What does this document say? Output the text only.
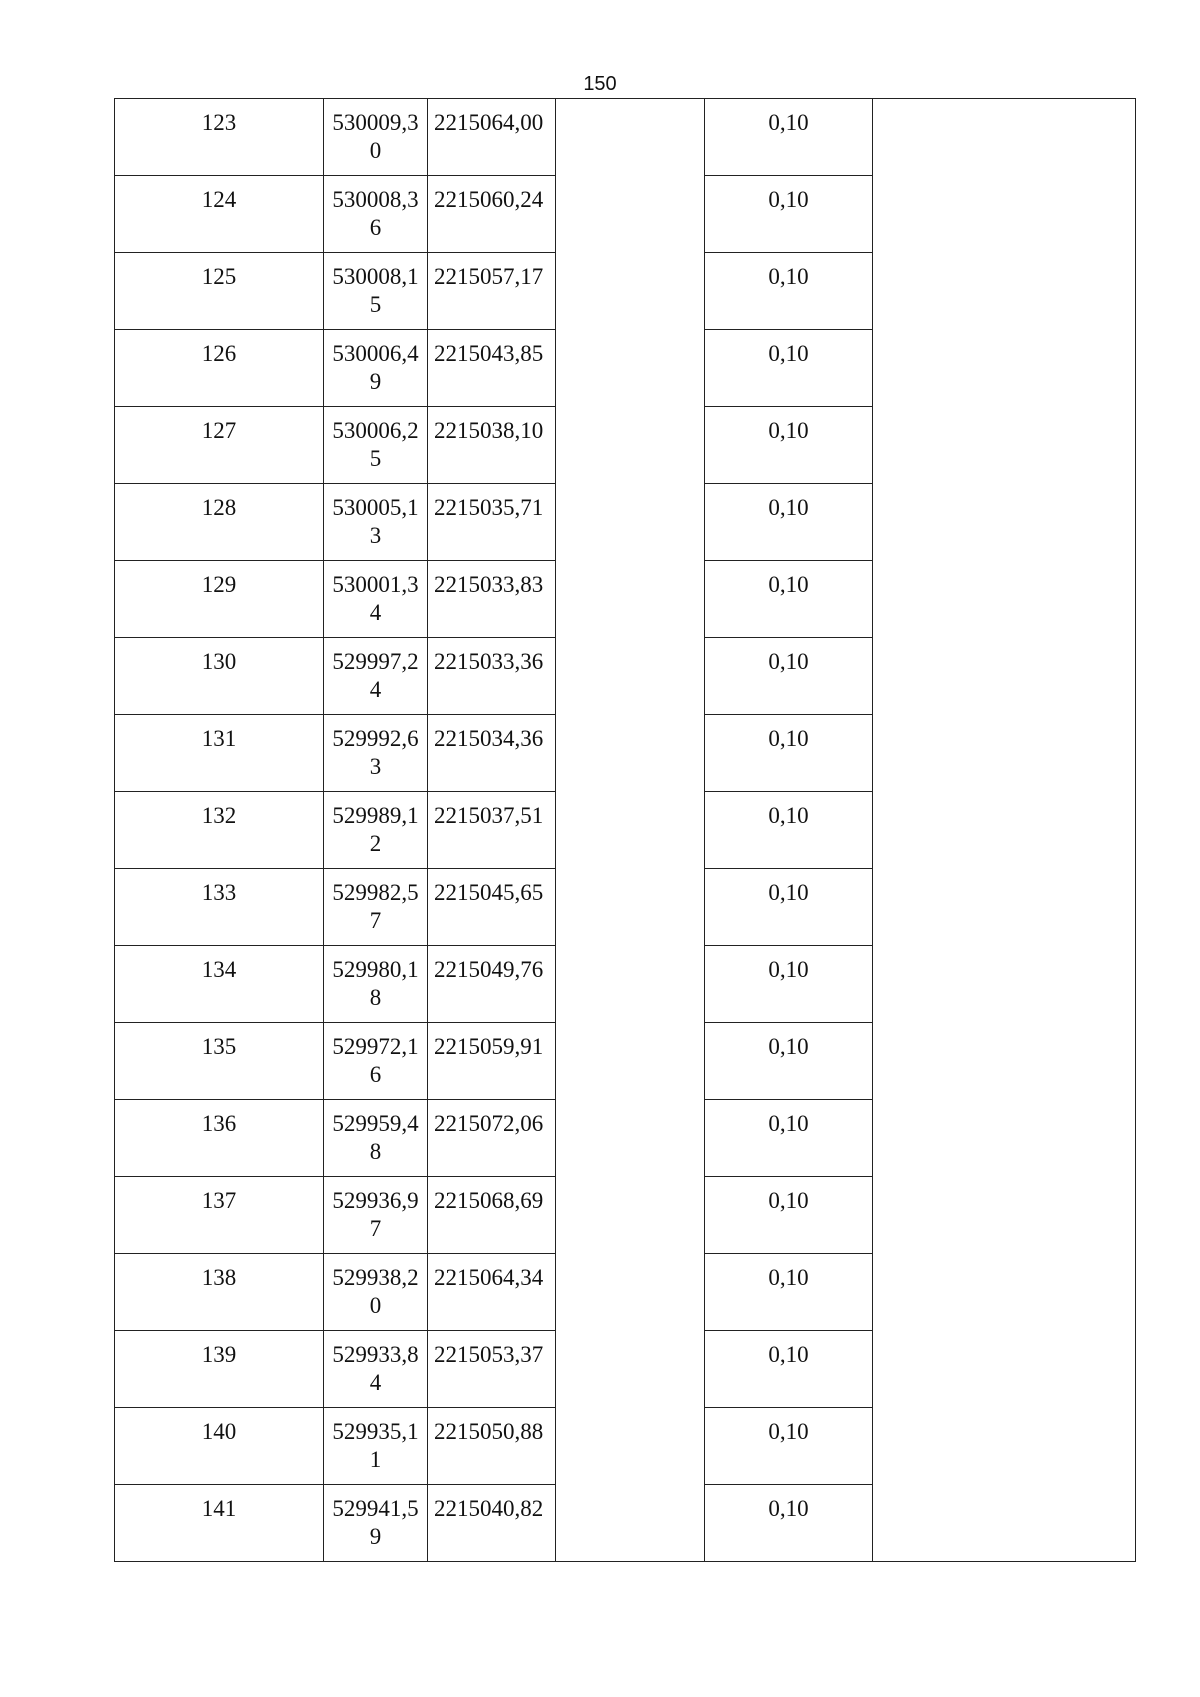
150
123	530009,30	2215064,00		0,10	

124	530008,36	2215060,24		0,10	

125	530008,15	2215057,17		0,10	

126	530006,49	2215043,85		0,10	

127	530006,25	2215038,10		0,10	

128	530005,13	2215035,71		0,10	

129	530001,34	2215033,83		0,10	

130	529997,24	2215033,36		0,10	

131	529992,63	2215034,36		0,10	

132	529989,12	2215037,51		0,10	

133	529982,57	2215045,65		0,10	

134	529980,18	2215049,76		0,10	

135	529972,16	2215059,91		0,10	

136	529959,48	2215072,06		0,10	

137	529936,97	2215068,69		0,10	

138	529938,20	2215064,34		0,10	

139	529933,84	2215053,37		0,10	

140	529935,11	2215050,88		0,10	

141	529941,59	2215040,82		0,10	
